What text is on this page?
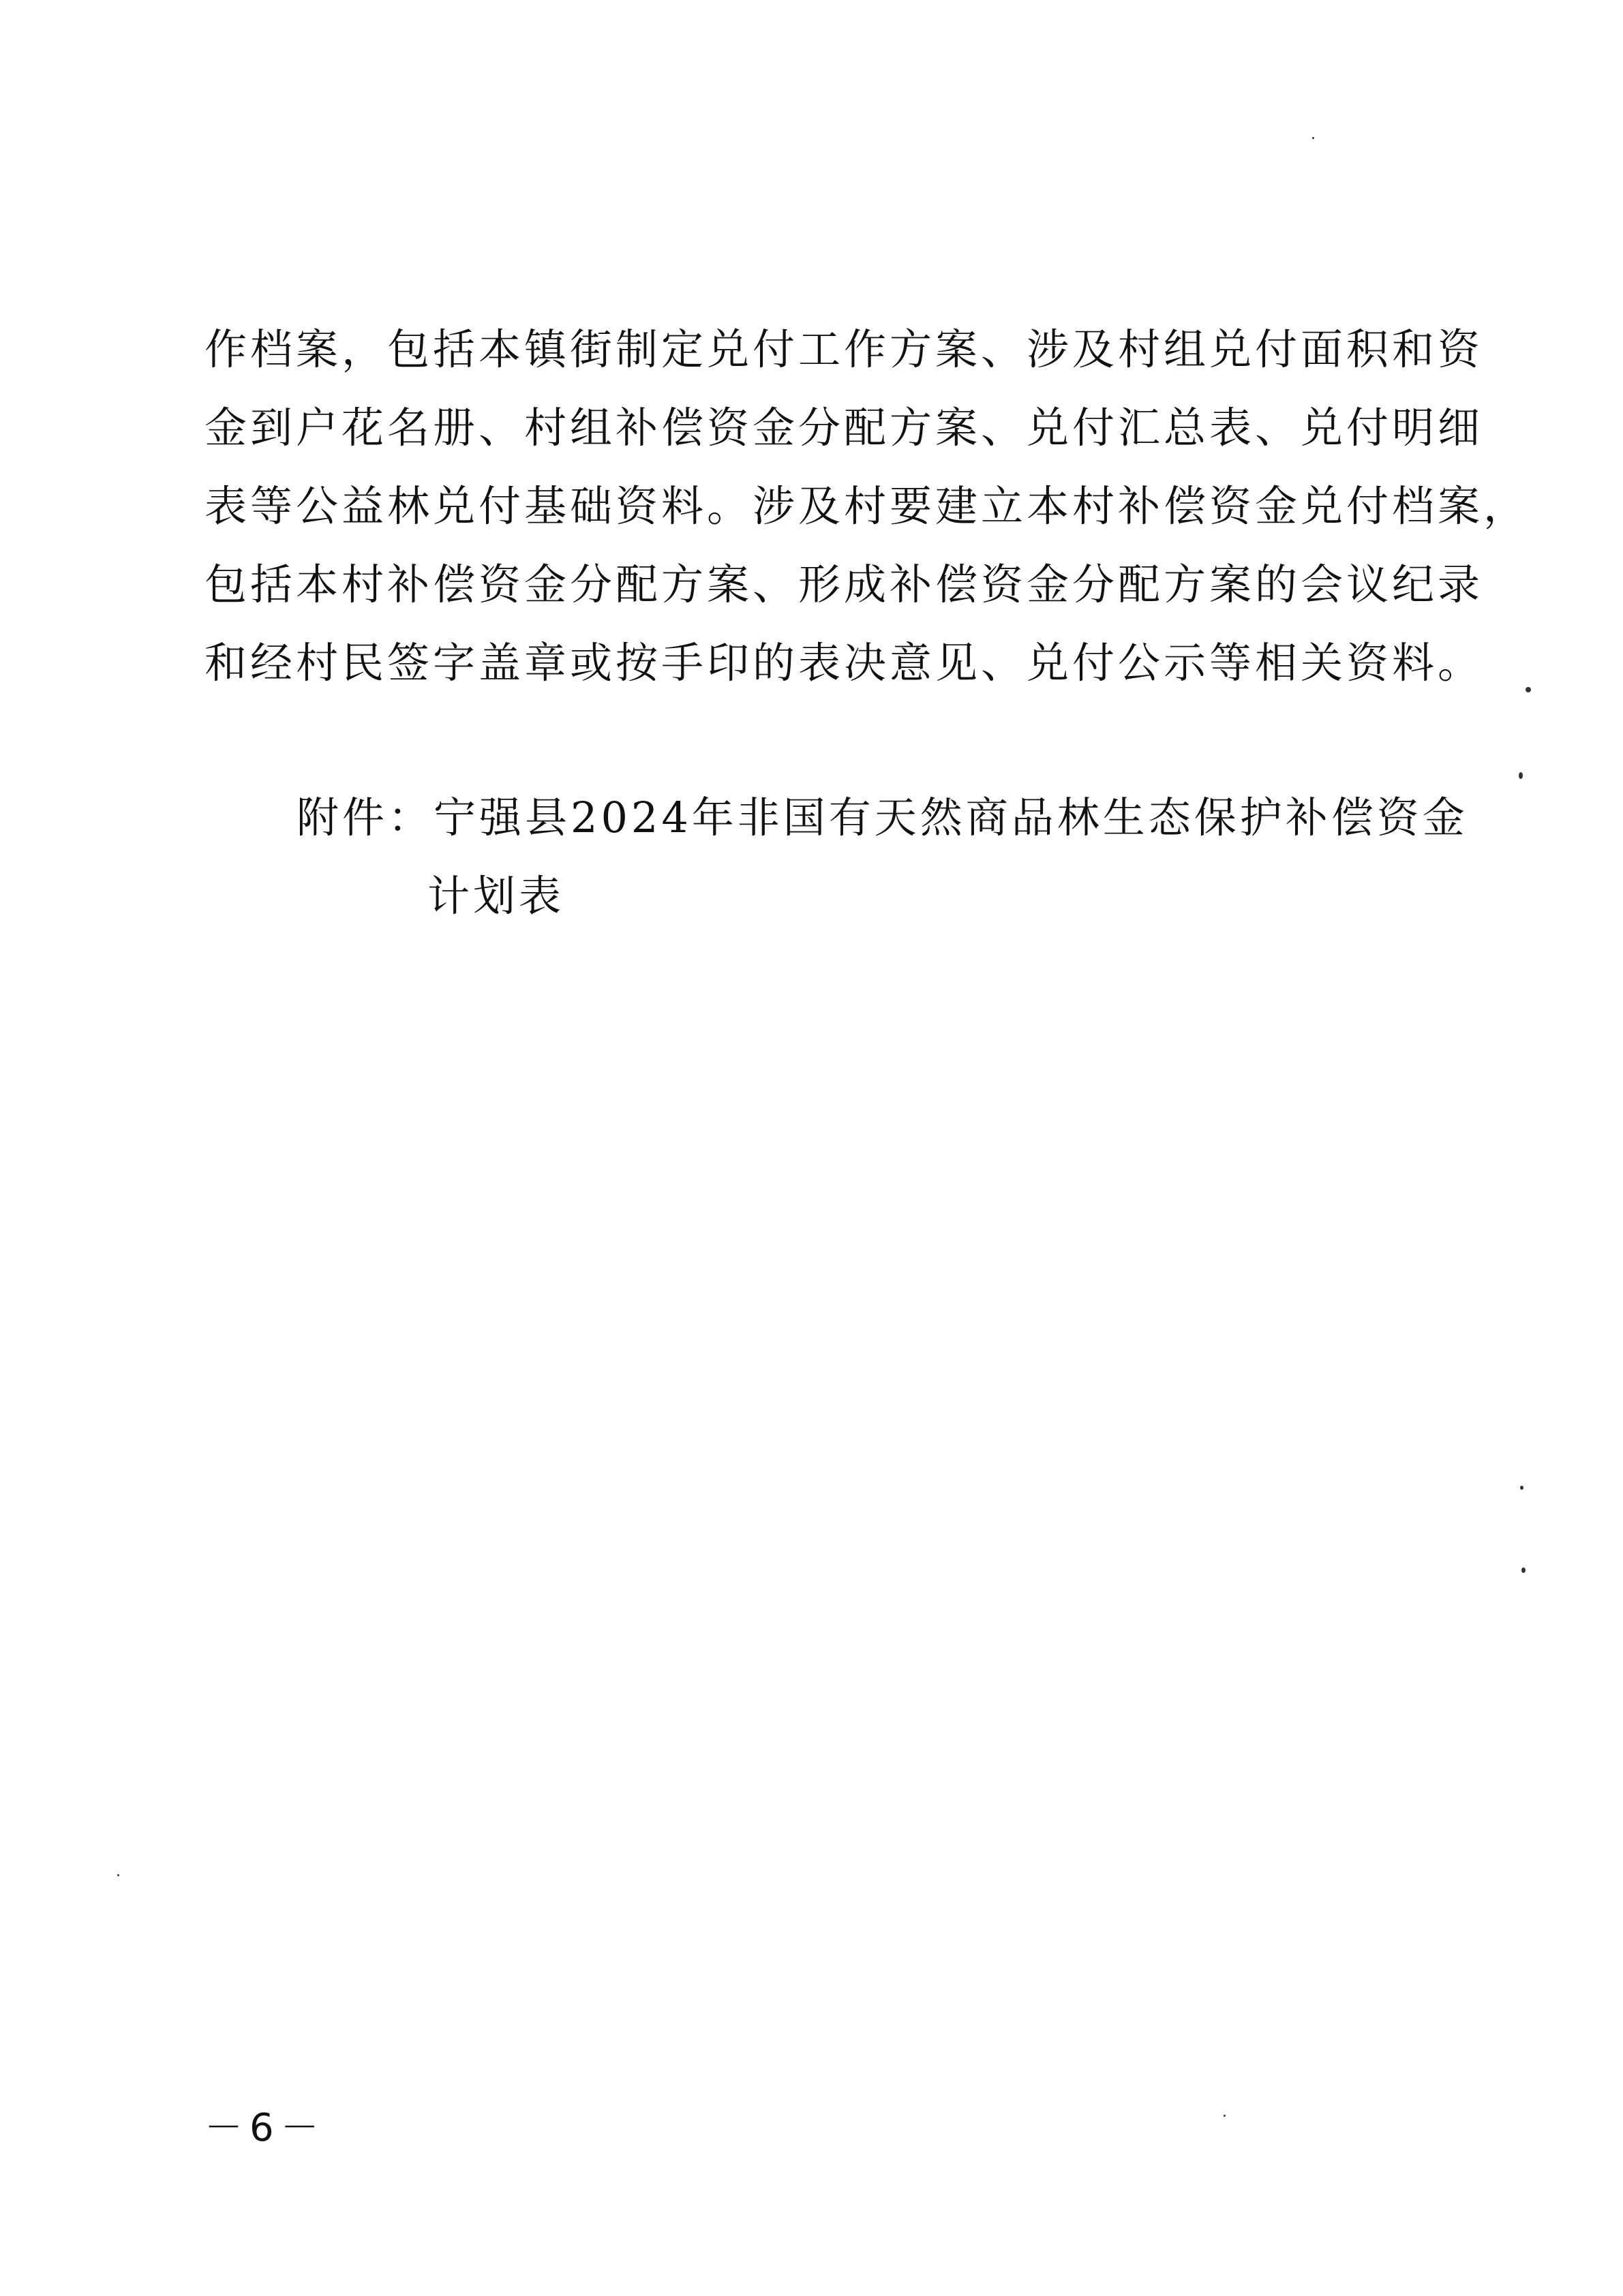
作档案，包括本镇街制定兑付工作方案、涉及村组兑付面积和资
金到户花名册、村组补偿资金分配方案、兑付汇总表、兑付明细
表等公益林兑付基础资料。涉及村要建立本村补偿资金兑付档案，
包括本村补偿资金分配方案、形成补偿资金分配方案的会议纪录
和经村民签字盖章或按手印的表决意见、兑付公示等相关资料。
附件：宁强县2024年非国有天然商品林生态保护补偿资金
计划表
－6－
